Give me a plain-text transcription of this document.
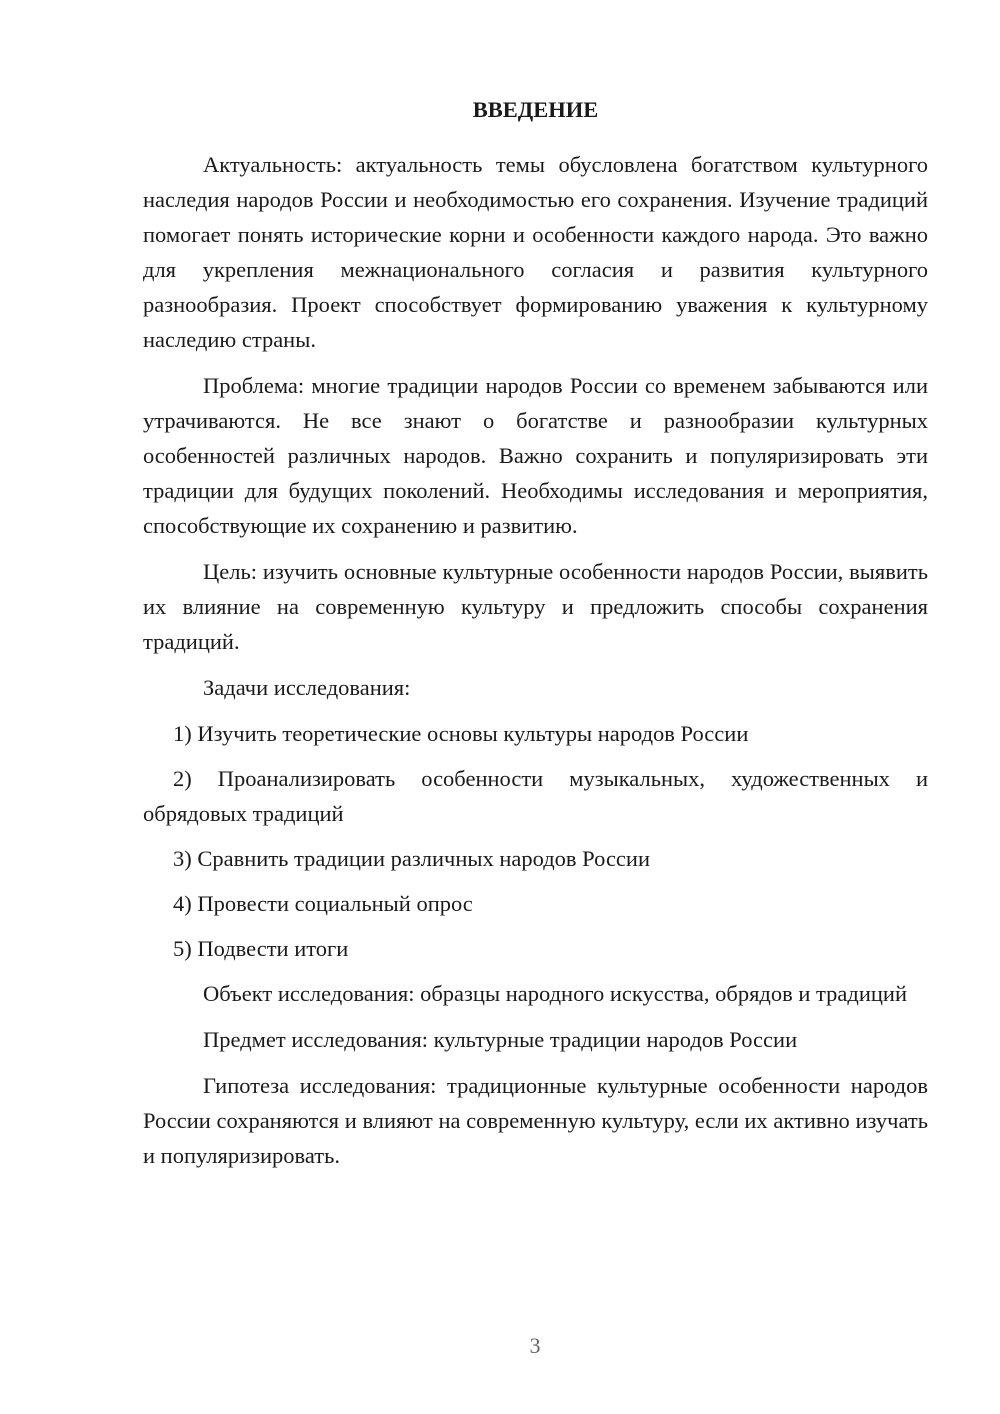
ВВЕДЕНИЕ

Актуальность: актуальность темы обусловлена богатством культурного наследия народов России и необходимостью его сохранения. Изучение традиций помогает понять исторические корни и особенности каждого народа. Это важно для укрепления межнационального согласия и развития культурного разнообразия. Проект способствует формированию уважения к культурному наследию страны.

Проблема: многие традиции народов России со временем забываются или утрачиваются. Не все знают о богатстве и разнообразии культурных особенностей различных народов. Важно сохранить и популяризировать эти традиции для будущих поколений. Необходимы исследования и мероприятия, способствующие их сохранению и развитию.

Цель: изучить основные культурные особенности народов России, выявить их влияние на современную культуру и предложить способы сохранения традиций.

Задачи исследования:

1) Изучить теоретические основы культуры народов России

2) Проанализировать особенности музыкальных, художественных и обрядовых традиций

3) Сравнить традиции различных народов России

4) Провести социальный опрос

5) Подвести итоги

Объект исследования: образцы народного искусства, обрядов и традиций

Предмет исследования: культурные традиции народов России

Гипотеза исследования: традиционные культурные особенности народов России сохраняются и влияют на современную культуру, если их активно изучать и популяризировать.

3
